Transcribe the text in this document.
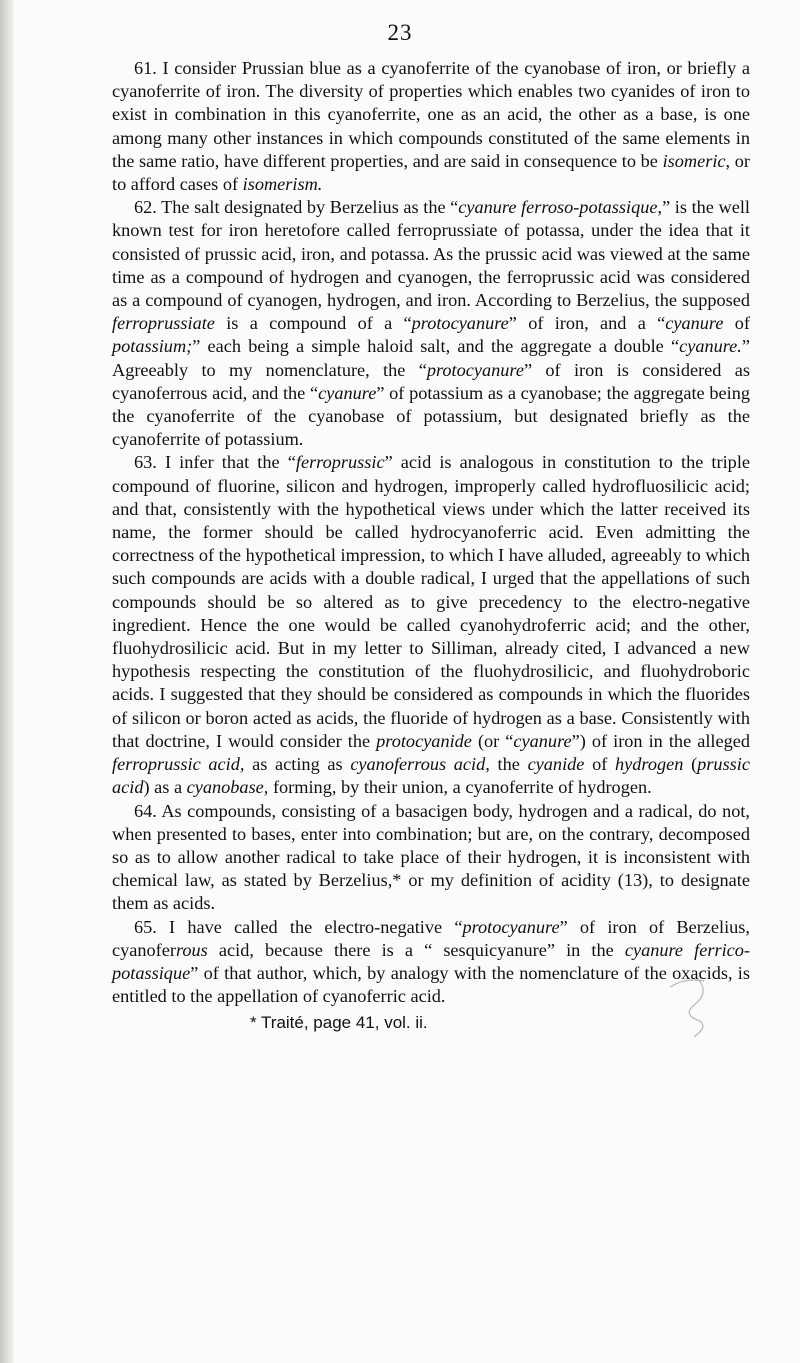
23

61. I consider Prussian blue as a cyanoferrite of the cyanobase of iron, or briefly a cyanoferrite of iron. The diversity of properties which enables two cyanides of iron to exist in combination in this cyanoferrite, one as an acid, the other as a base, is one among many other instances in which compounds constituted of the same elements in the same ratio, have different properties, and are said in consequence to be isomeric, or to afford cases of isomerism.

62. The salt designated by Berzelius as the “cyanure ferroso-potassique,” is the well known test for iron heretofore called ferroprussiate of potassa, under the idea that it consisted of prussic acid, iron, and potassa. As the prussic acid was viewed at the same time as a compound of hydrogen and cyanogen, the ferroprussic acid was considered as a compound of cyanogen, hydrogen, and iron. According to Berzelius, the supposed ferroprussiate is a compound of a “protocyanure” of iron, and a “cyanure of potassium;” each being a simple haloid salt, and the aggregate a double “cyanure.” Agreeably to my nomenclature, the “protocyanure” of iron is considered as cyanoferrous acid, and the “cyanure” of potassium as a cyanobase; the aggregate being the cyanoferrite of the cyanobase of potassium, but designated briefly as the cyanoferrite of potassium.

63. I infer that the “ferroprussic” acid is analogous in constitution to the triple compound of fluorine, silicon and hydrogen, improperly called hydrofluosilicic acid; and that, consistently with the hypothetical views under which the latter received its name, the former should be called hydrocyanoferric acid. Even admitting the correctness of the hypothetical impression, to which I have alluded, agreeably to which such compounds are acids with a double radical, I urged that the appellations of such compounds should be so altered as to give precedency to the electro-negative ingredient. Hence the one would be called cyanohydroferric acid; and the other, fluohydrosilicic acid. But in my letter to Silliman, already cited, I advanced a new hypothesis respecting the constitution of the fluohydrosilicic, and fluohydroboric acids. I suggested that they should be considered as compounds in which the fluorides of silicon or boron acted as acids, the fluoride of hydrogen as a base. Consistently with that doctrine, I would consider the protocyanide (or “cyanure”) of iron in the alleged ferroprussic acid, as acting as cyanoferrous acid, the cyanide of hydrogen (prussic acid) as a cyanobase, forming, by their union, a cyanoferrite of hydrogen.

64. As compounds, consisting of a basacigen body, hydrogen and a radical, do not, when presented to bases, enter into combination; but are, on the contrary, decomposed so as to allow another radical to take place of their hydrogen, it is inconsistent with chemical law, as stated by Berzelius,* or my definition of acidity (13), to designate them as acids.

65. I have called the electro-negative “protocyanure” of iron of Berzelius, cyanoferrous acid, because there is a “ sesquicyanure” in the cyanure ferrico-potassique” of that author, which, by analogy with the nomenclature of the oxacids, is entitled to the appellation of cyanoferric acid.

* Traité, page 41, vol. ii.
